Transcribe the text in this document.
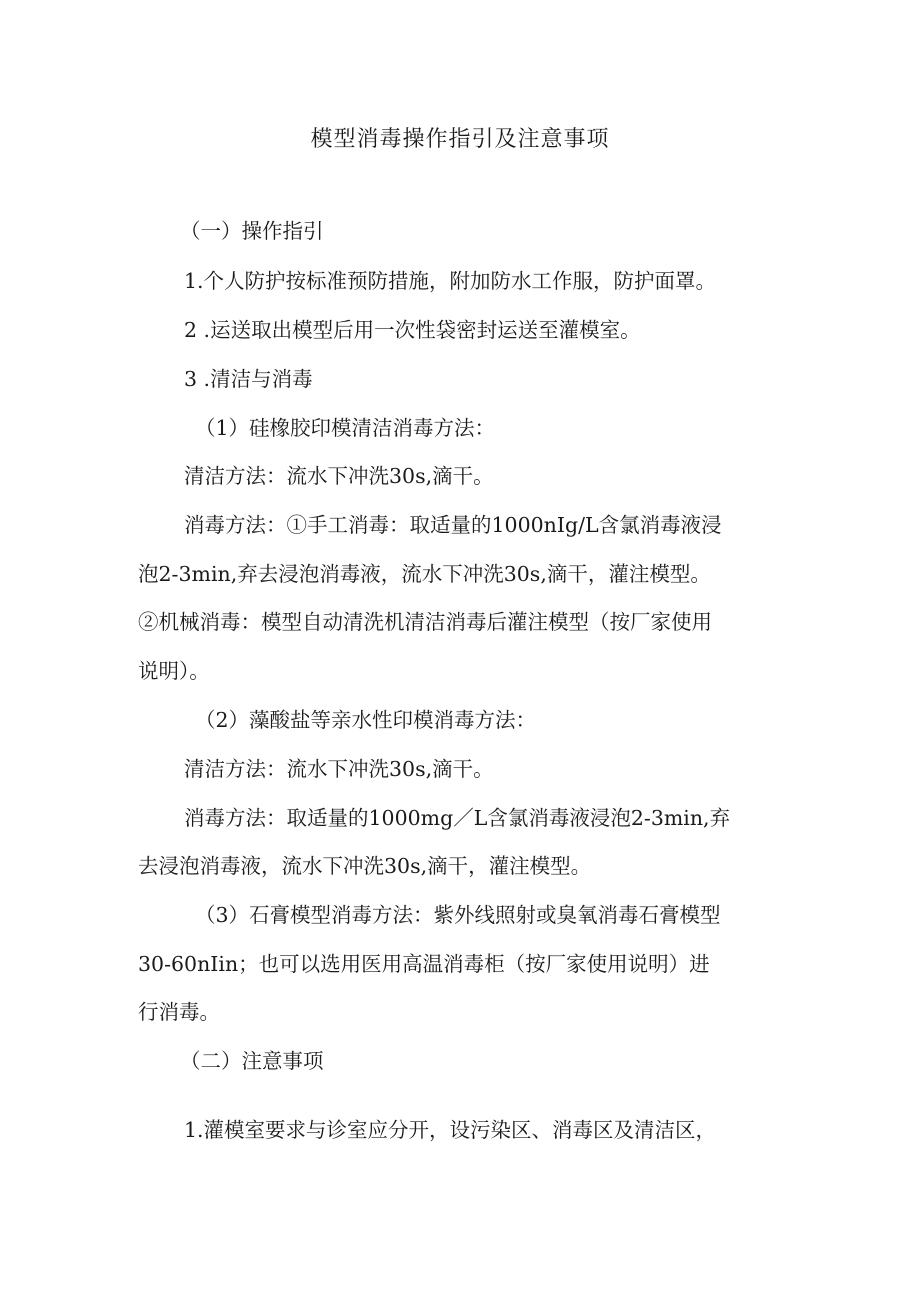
模型消毒操作指引及注意事项
（一）操作指引
1.个人防护按标准预防措施，附加防水工作服，防护面罩。
2 .运送取出模型后用一次性袋密封运送至灌模室。
3 .清洁与消毒
（1）硅橡胶印模清洁消毒方法：
清洁方法：流水下冲洗30s,滴干。
消毒方法：①手工消毒：取适量的1000nIg/L含氯消毒液浸
泡2-3min,弃去浸泡消毒液，流水下冲洗30s,滴干，灌注模型。
②机械消毒：模型自动清洗机清洁消毒后灌注模型（按厂家使用
说明）。
（2）藻酸盐等亲水性印模消毒方法：
清洁方法：流水下冲洗30s,滴干。
消毒方法：取适量的1000mg／L含氯消毒液浸泡2-3min,弃
去浸泡消毒液，流水下冲洗30s,滴干，灌注模型。
（3）石膏模型消毒方法：紫外线照射或臭氧消毒石膏模型
30-60nIin；也可以选用医用高温消毒柜（按厂家使用说明）进
行消毒。
（二）注意事项
1.灌模室要求与诊室应分开，设污染区、消毒区及清洁区，
